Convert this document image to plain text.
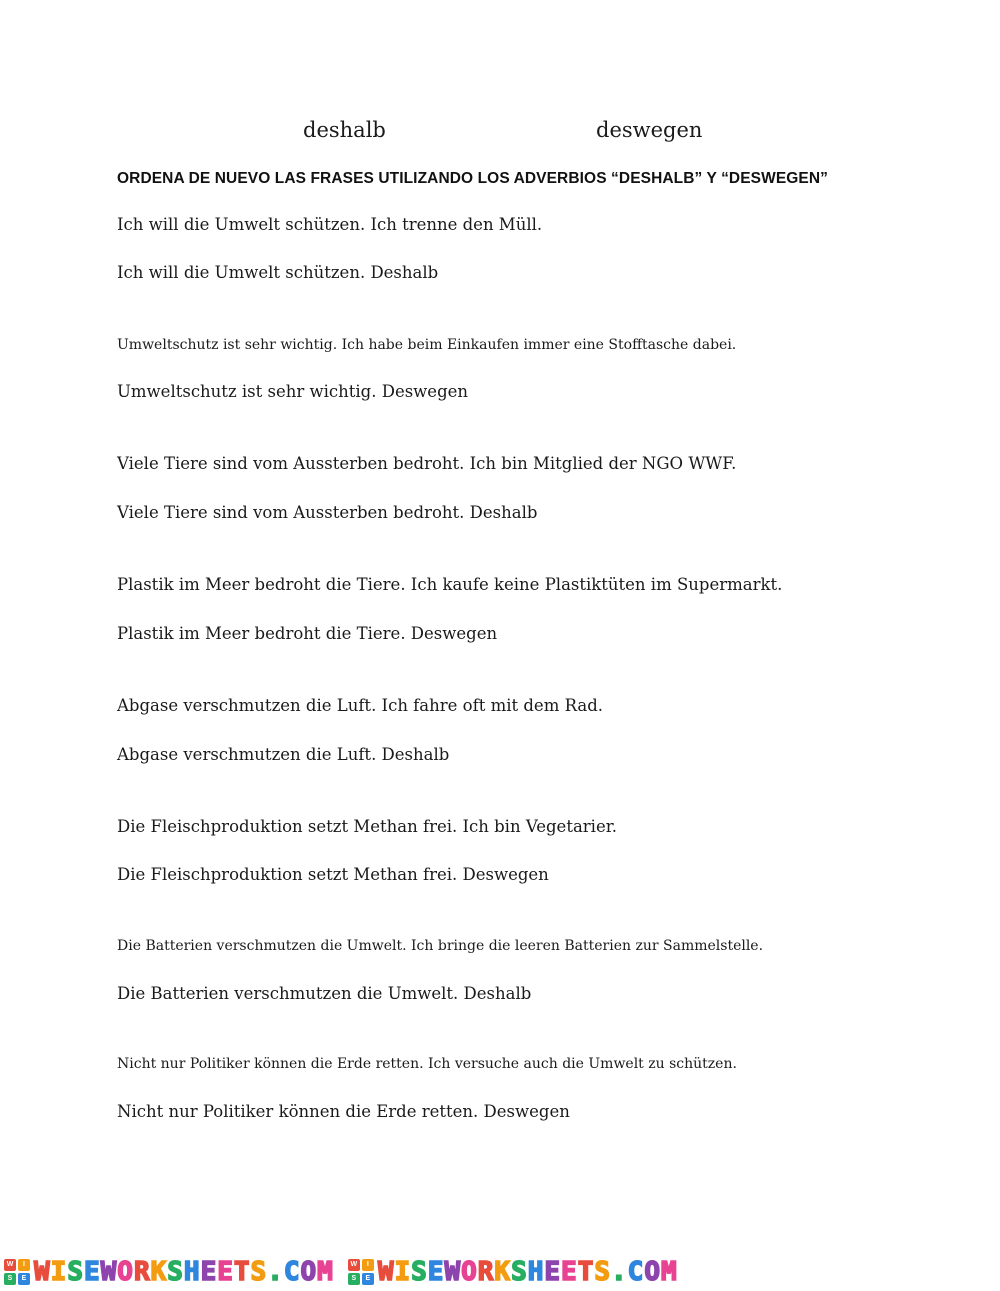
deshalb	deswegen
ORDENA DE NUEVO LAS FRASES UTILIZANDO LOS ADVERBIOS “DESHALB” Y “DESWEGEN”
Ich will die Umwelt schützen. Ich trenne den Müll.
Ich will die Umwelt schützen. Deshalb
Umweltschutz ist sehr wichtig. Ich habe beim Einkaufen immer eine Stofftasche dabei.
Umweltschutz ist sehr wichtig. Deswegen
Viele Tiere sind vom Aussterben bedroht. Ich bin Mitglied der NGO WWF.
Viele Tiere sind vom Aussterben bedroht. Deshalb
Plastik im Meer bedroht die Tiere. Ich kaufe keine Plastiktüten im Supermarkt.
Plastik im Meer bedroht die Tiere. Deswegen
Abgase verschmutzen die Luft. Ich fahre oft mit dem Rad.
Abgase verschmutzen die Luft. Deshalb
Die Fleischproduktion setzt Methan frei. Ich bin Vegetarier.
Die Fleischproduktion setzt Methan frei. Deswegen
Die Batterien verschmutzen die Umwelt. Ich bringe die leeren Batterien zur Sammelstelle.
Die Batterien verschmutzen die Umwelt. Deshalb
Nicht nur Politiker können die Erde retten. Ich versuche auch die Umwelt zu schützen.
Nicht nur Politiker können die Erde retten. Deswegen
W	I
S	E W I S E W O R K S H E E T S . C O M	W	I
S	E W I S E W O R K S H E E T S . C O M
